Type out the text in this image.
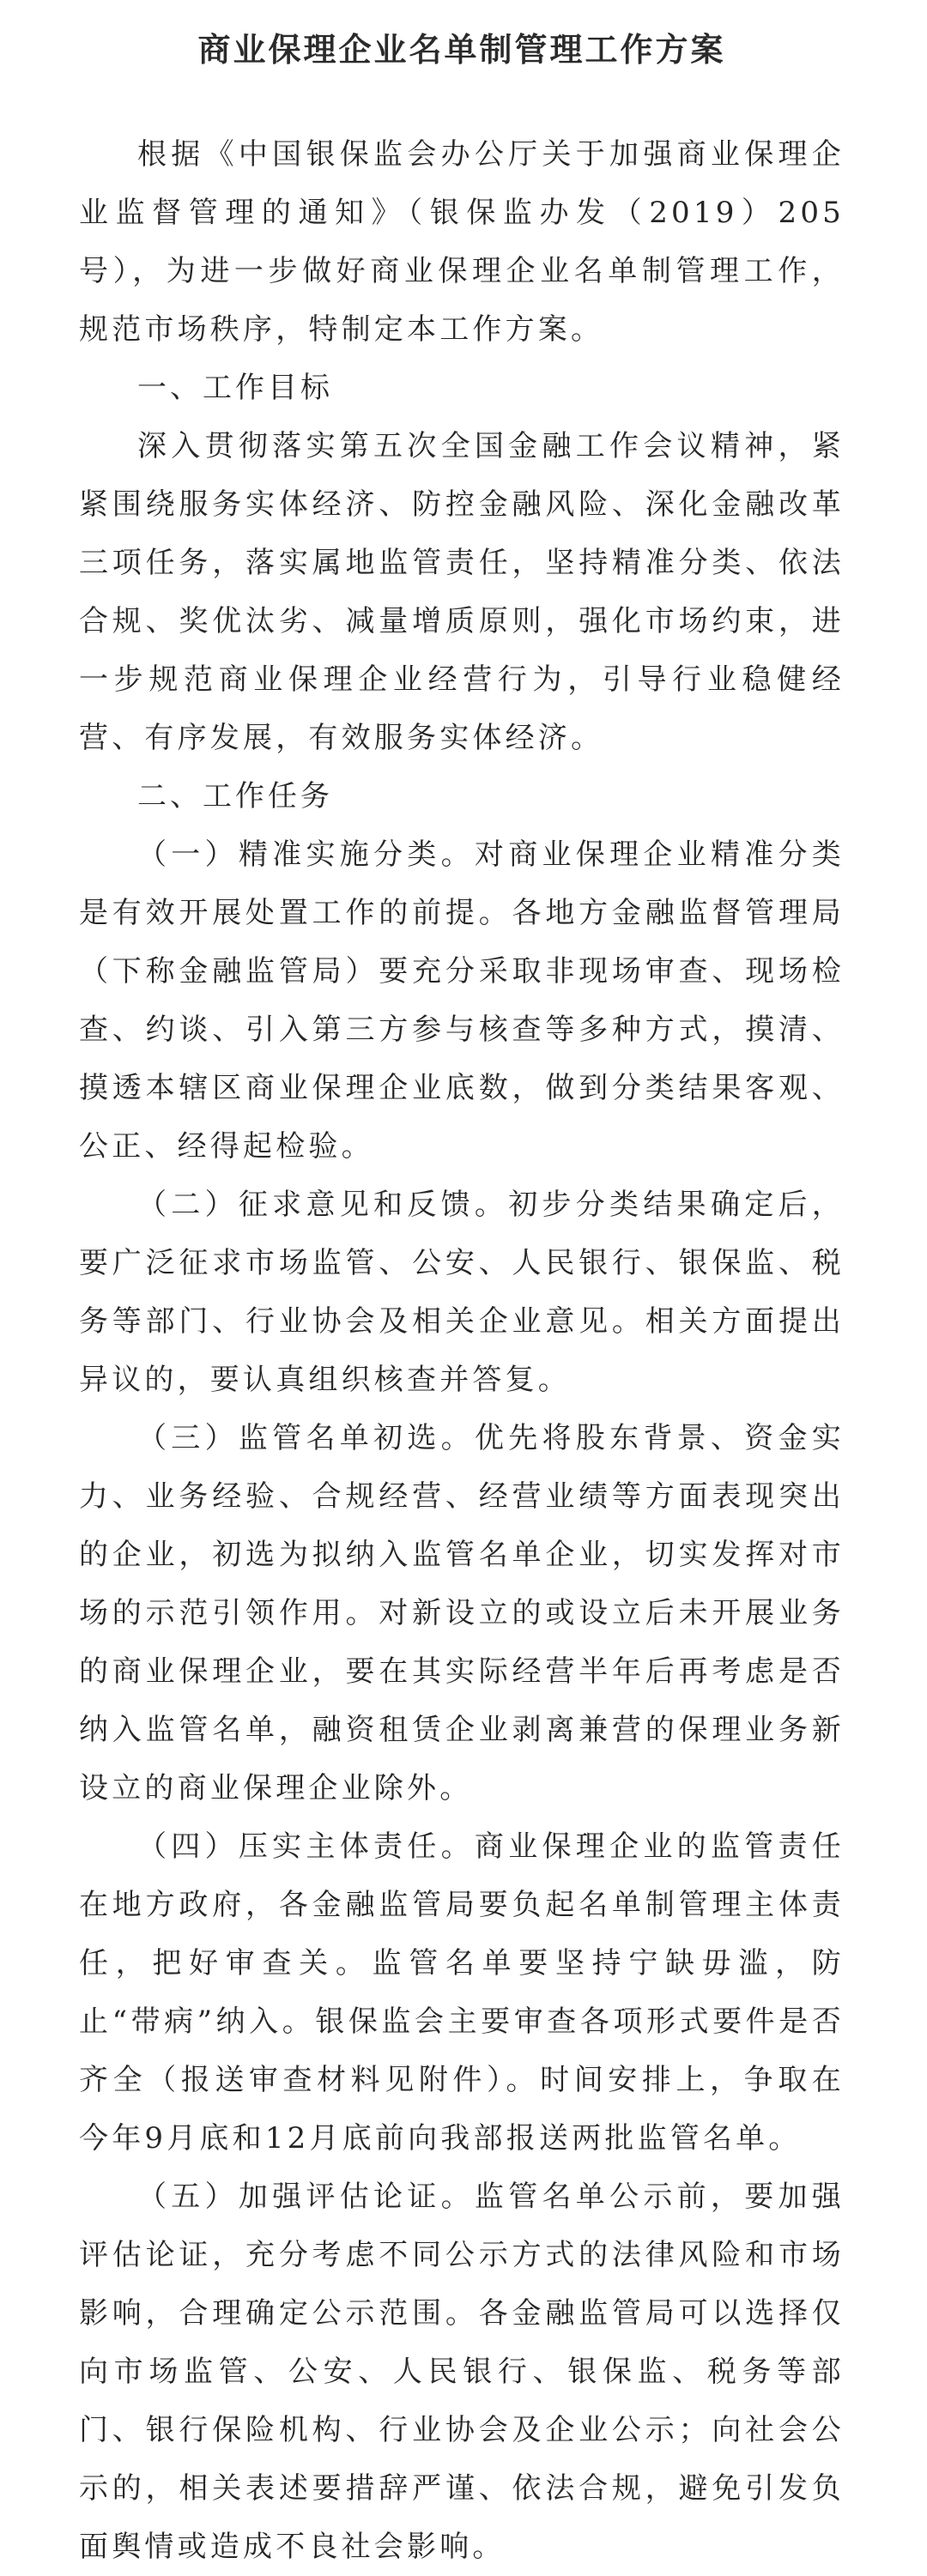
商业保理企业名单制管理工作方案

根据《中国银保监会办公厅关于加强商业保理企业监督管理的通知》（银保监办发（2019）205号），为进一步做好商业保理企业名单制管理工作，规范市场秩序，特制定本工作方案。

一、工作目标

深入贯彻落实第五次全国金融工作会议精神，紧紧围绕服务实体经济、防控金融风险、深化金融改革三项任务，落实属地监管责任，坚持精准分类、依法合规、奖优汰劣、减量增质原则，强化市场约束，进一步规范商业保理企业经营行为，引导行业稳健经营、有序发展，有效服务实体经济。

二、工作任务

（一）精准实施分类。对商业保理企业精准分类是有效开展处置工作的前提。各地方金融监督管理局（下称金融监管局）要充分采取非现场审查、现场检查、约谈、引入第三方参与核查等多种方式，摸清、摸透本辖区商业保理企业底数，做到分类结果客观、公正、经得起检验。

（二）征求意见和反馈。初步分类结果确定后，要广泛征求市场监管、公安、人民银行、银保监、税务等部门、行业协会及相关企业意见。相关方面提出异议的，要认真组织核查并答复。

（三）监管名单初选。优先将股东背景、资金实力、业务经验、合规经营、经营业绩等方面表现突出的企业，初选为拟纳入监管名单企业，切实发挥对市场的示范引领作用。对新设立的或设立后未开展业务的商业保理企业，要在其实际经营半年后再考虑是否纳入监管名单，融资租赁企业剥离兼营的保理业务新设立的商业保理企业除外。

（四）压实主体责任。商业保理企业的监管责任在地方政府，各金融监管局要负起名单制管理主体责任，把好审查关。监管名单要坚持宁缺毋滥，防止“带病”纳入。银保监会主要审查各项形式要件是否齐全（报送审查材料见附件）。时间安排上，争取在今年9月底和12月底前向我部报送两批监管名单。

（五）加强评估论证。监管名单公示前，要加强评估论证，充分考虑不同公示方式的法律风险和市场影响，合理确定公示范围。各金融监管局可以选择仅向市场监管、公安、人民银行、银保监、税务等部门、银行保险机构、行业协会及企业公示；向社会公示的，相关表述要措辞严谨、依法合规，避免引发负面舆情或造成不良社会影响。
